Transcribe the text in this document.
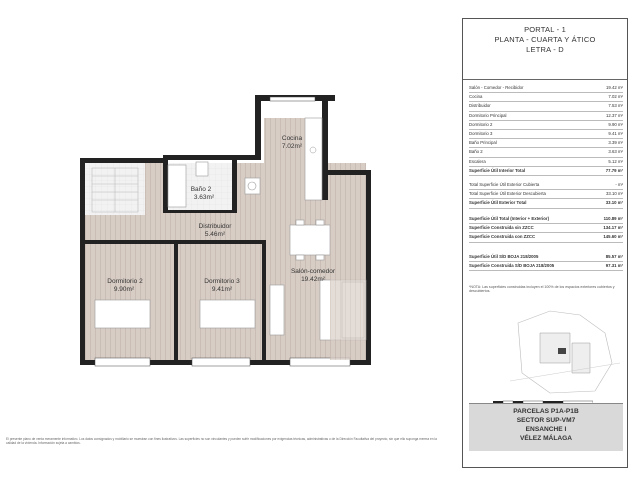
Cocina
7.02m²
Baño 2
3.63m²
Distribuidor
5.46m²
Salón-comedor
19.42m²
Dormitorio 2
9.90m²
Dormitorio 3
9.41m²
PORTAL - 1
PLANTA - CUARTA Y ÁTICO
LETRA - D
Salón - Comedor - Recibidor	19.42 m²
Cocina	7.02 m²
Distribuidor	7.53 m²
Dormitorio Principal	12.37 m²
Dormitorio 2	9.90 m²
Dormitorio 3	9.41 m²
Baño Principal	3.39 m²
Baño 2	3.63 m²
Escalera	5.12 m²
Superficie Útil Interior Total	77.79 m²
Total Superficie Útil Exterior Cubierta	- m²
Total Superficie Útil Exterior Descubierta	33.10 m²
Superficie Útil Exterior Total	33.10 m²
Superficie Útil Total (Interior + Exterior)	110.89 m²
Superficie Construida sin ZZCC	134.17 m²
Superficie Construida con ZZCC	145.60 m²
Superficie Útil S/D BOJA 218/2005	85.57 m²
Superficie Construida S/D BOJA 218/2005	97.31 m²
*NOTA: Las superficies construidas incluyen el 100% de los espacios exteriores cubiertos y descubiertos.
PARCELAS P1A-P1B
SECTOR SUP-VM7
ENSANCHE I
VÉLEZ MÁLAGA
El presente plano de venta meramente informativo. Los datos consignados y mobiliario se muestran con fines ilustrativos. Las superficies no son vinculantes y pueden sufrir modificaciones por exigencias técnicas, administrativas o de la Dirección Facultativa del proyecto, sin que ello suponga merma en la calidad de la vivienda. Información sujeta a cambios.
